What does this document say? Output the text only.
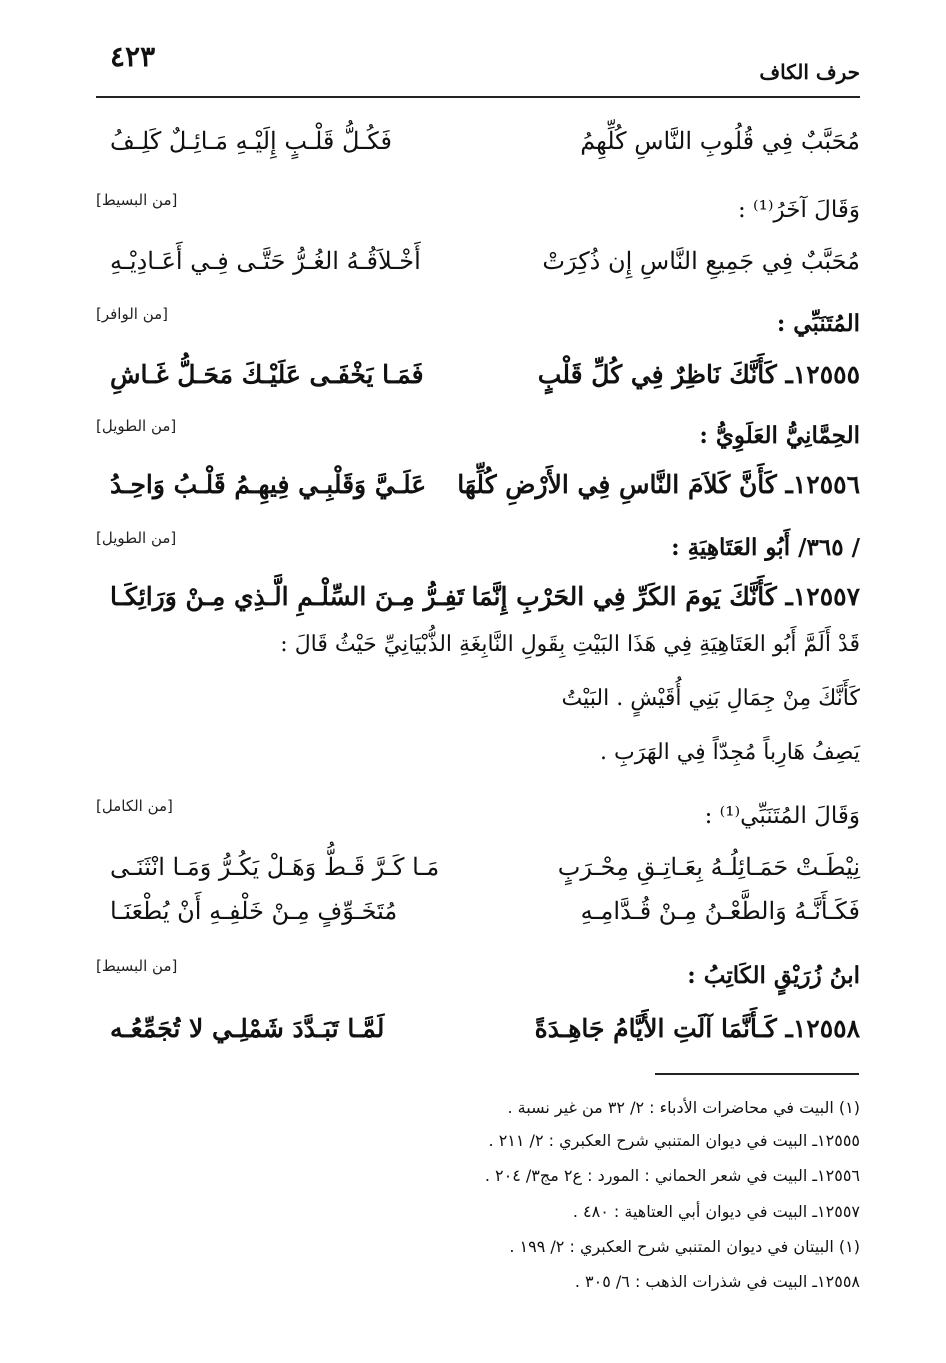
حرف الكاف
٤٢٣
مُحَبَّبٌ فِي قُلُوبِ النَّاسِ كُلِّهِمُ
فَكُـلُّ قَلْـبٍ إِلَيْـهِ مَـائِـلٌ كَلِـفُ
وَقَالَ آخَرُ⁽¹⁾ :
[من البسيط]
مُحَبَّبٌ فِي جَمِيعِ النَّاسِ إِن ذُكِرَتْ
أَخْـلاَقُـهُ الغُـرُّ حَتَّـى فِـي أَعَـادِيْـهِ
المُتَنَبِّي :
[من الوافر]
١٢٥٥٥ـ كَأَنَّكَ نَاظِرٌ فِي كُلِّ قَلْبٍ
فَمَـا يَخْفَـى عَلَيْـكَ مَحَـلُّ غَـاشِ
الحِمَّانِيُّ العَلَوِيُّ :
[من الطويل]
١٢٥٥٦ـ كَأَنَّ كَلاَمَ النَّاسِ فِي الأَرْضِ كُلِّهَا
عَلَـيَّ وَقَلْبِـي فِيهِـمُ قَلْـبُ وَاحِـدُ
/ ٣٦٥/ أَبُو العَتَاهِيَةِ :
[من الطويل]
١٢٥٥٧ـ كَأَنَّكَ يَومَ الكَرِّ فِي الحَرْبِ إِنَّمَا
تَفِـرُّ مِـنَ السِّلْـمِ الَّـذِي مِـنْ وَرَائِكَـا
قَدْ أَلَمَّ أَبُو العَتَاهِيَةِ فِي هَذَا البَيْتِ بِقَولِ النَّابِغَةِ الذُّبْيَانِيِّ حَيْثُ قَالَ :
كَأَنَّكَ مِنْ جِمَالِ بَنِي أُقَيْشٍ . البَيْتُ
يَصِفُ هَارِباً مُجِدّاً فِي الهَرَبِ .
وَقَالَ المُتَنَبِّي⁽¹⁾ :
[من الكامل]
نِيْطَـتْ حَمَـائِلُـهُ بِعَـاتِـقِ مِحْـرَبٍ
مَـا كَـرَّ قَـطُّ وَهَـلْ يَكُـرُّ وَمَـا انْثَنَـى
فَكَـأَنَّـهُ وَالطَّعْـنُ مِـنْ قُـدَّامِـهِ
مُتَخَـوِّفٍ مِـنْ خَلْفِـهِ أَنْ يُطْعَنَـا
ابنُ زُرَيْقٍ الكَاتِبُ :
[من البسيط]
١٢٥٥٨ـ كَـأَنَّمَا آلَتِ الأَيَّامُ جَاهِـدَةً
لَمَّـا تَبَـدَّدَ شَمْلِـي لا تُجَمِّعُـه
(١) البيت في محاضرات الأدباء : ٢/ ٣٢ من غير نسبة .
١٢٥٥٥ـ البيت في ديوان المتنبي شرح العكبري : ٢/ ٢١١ .
١٢٥٥٦ـ البيت في شعر الحماني : المورد : ع٢ مج٣/ ٢٠٤ .
١٢٥٥٧ـ البيت في ديوان أبي العتاهية : ٤٨٠ .
(١) البيتان في ديوان المتنبي شرح العكبري : ٢/ ١٩٩ .
١٢٥٥٨ـ البيت في شذرات الذهب : ٦/ ٣٠٥ .
